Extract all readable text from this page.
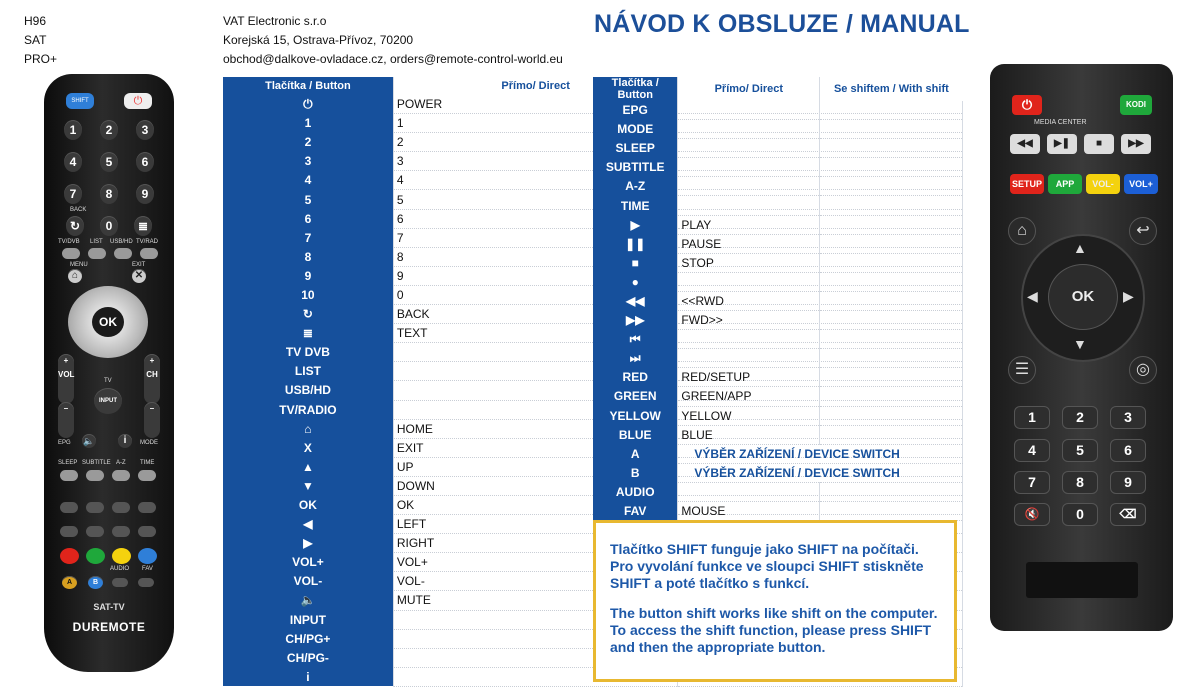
H96
SAT
PRO+
VAT Electronic s.r.o
Korejská 15, Ostrava-Přívoz, 70200
obchod@dalkove-ovladace.cz, orders@remote-control-world.eu
NÁVOD K OBSLUZE / MANUAL
Tlačítka / Button	Přímo/ Direct	
⏻	POWER	
1	1	
2	2	
3	3	
4	4	
5	5	
6	6	
7	7	
8	8	
9	9	
10	0	
↻	BACK	
≣	TEXT	
TV DVB		
LIST		
USB/HD		
TV/RADIO		
⌂	HOME	
X	EXIT	
▲	UP	
▼	DOWN	
OK	OK	
◀	LEFT	
▶	RIGHT	
VOL+	VOL+	
VOL-	VOL-	
🔈	MUTE	
INPUT		
CH/PG+		
CH/PG-		
i		
Tlačítka / Button	Přímo/ Direct	Se shiftem / With shift
EPG		
MODE		
SLEEP		
SUBTITLE		
A-Z		
TIME		
▶	PLAY	
❚❚	PAUSE	
■	STOP	
●		
◀◀	<<RWD	
▶▶	FWD>>	
⏮		
⏭		
RED	RED/SETUP	
GREEN	GREEN/APP	
YELLOW	YELLOW	
BLUE	BLUE	
A	VÝBĚR ZAŘÍZENÍ / DEVICE SWITCH	
B	VÝBĚR ZAŘÍZENÍ / DEVICE SWITCH	
AUDIO		
FAV	MOUSE	

Tlačítko SHIFT funguje jako SHIFT na počítači. Pro vyvolání funkce ve sloupci SHIFT stiskněte SHIFT a poté tlačítko s funkcí.

The button shift works like shift on the computer. To access the shift function, please press SHIFT and then the appropriate button.

SHIFT	⏻
1	2	3
4	5	6
7	8	9
BACK
↻	0	≣
TV/DVB LIST USB/HD TV/RAD
MENU	EXIT
⌂	✕
OK
+
VOL
+
CH
TV
INPUT
–	–
EPG	MODE
🔈	i
SLEEP SUBTITLE A-Z TIME
AUDIO FAV
A	B
SAT-TV
DUREMOTE
⏻	KODI
MEDIA CENTER
◀◀	▶❚	■	▶▶
SETUP	APP	VOL-	VOL+
⌂	↩
▲
▼
◀	▶
OK
☰	◎
1	2	3
4	5	6
7	8	9
🔇	0	⌫
